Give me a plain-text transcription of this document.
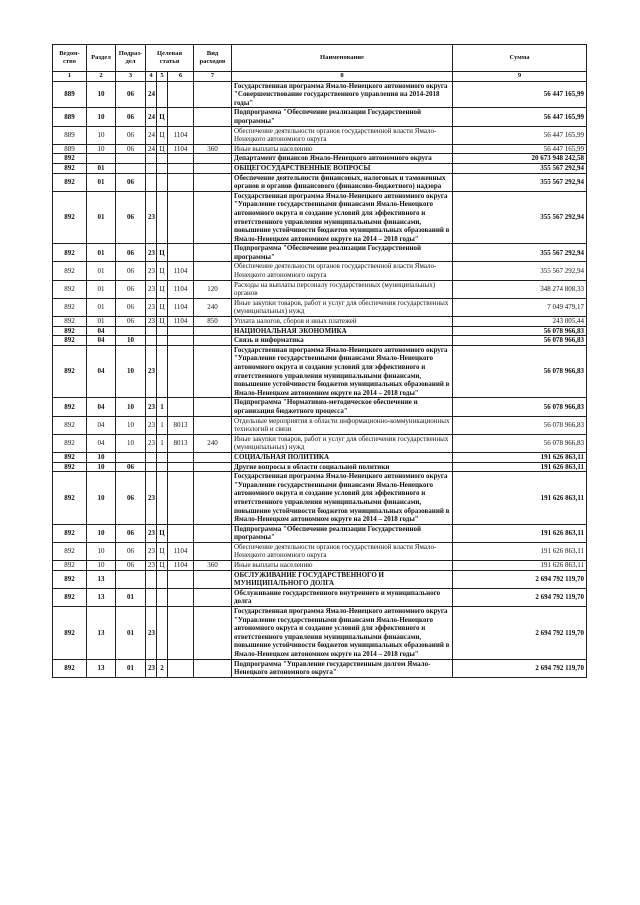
Ведом-ство	Раздел	Подраз-дел	Целевая статья			Вид расходов	Наименование	Сумма
1	2	3	4	5	6	7	8	9
889	10	06	24				Государственная программа Ямало-Ненецкого автономного округа "Совершенствование государственного управления на 2014-2018 годы"	56 447 165,99
889	10	06	24	Ц			Подпрограмма "Обеспечение реализации Государственной программы"	56 447 165,99
889	10	06	24	Ц	1104		Обеспечение деятельности органов государственной власти Ямало-Ненецкого автономного округа	56 447 165,99
889	10	06	24	Ц	1104	360	Иные выплаты населению	56 447 165,99
892							Департамент финансов Ямало-Ненецкого автономного округа	20 673 948 242,58
892	01						ОБЩЕГОСУДАРСТВЕННЫЕ ВОПРОСЫ	355 567 292,94
892	01	06					Обеспечение деятельности финансовых, налоговых и таможенных органов и органов финансового (финансово-бюджетного) надзора	355 567 292,94
892	01	06	23				Государственная программа Ямало-Ненецкого автономного округа "Управление государственными финансами Ямало-Ненецкого автономного округа и создание условий для эффективного и ответственного управления муниципальными финансами, повышение устойчивости бюджетов муниципальных образований в Ямало-Ненецком автономном округе на 2014 – 2018 годы"	355 567 292,94
892	01	06	23	Ц			Подпрограмма "Обеспечение реализации Государственной программы"	355 567 292,94
892	01	06	23	Ц	1104		Обеспечение деятельности органов государственной власти Ямало-Ненецкого автономного округа	355 567 292,94
892	01	06	23	Ц	1104	120	Расходы на выплаты персоналу государственных (муниципальных) органов	348 274 808,33
892	01	06	23	Ц	1104	240	Иные закупки товаров, работ и услуг для обеспечения государственных (муниципальных) нужд	7 049 479,17
892	01	06	23	Ц	1104	850	Уплата налогов, сборов и иных платежей	243 005,44
892	04						НАЦИОНАЛЬНАЯ ЭКОНОМИКА	56 078 966,83
892	04	10					Связь и информатика	56 078 966,83
892	04	10	23				Государственная программа Ямало-Ненецкого автономного округа "Управление государственными финансами Ямало-Ненецкого автономного округа и создание условий для эффективного и ответственного управления муниципальными финансами, повышение устойчивости бюджетов муниципальных образований в Ямало-Ненецком автономном округе на 2014 – 2018 годы"	56 078 966,83
892	04	10	23	1			Подпрограмма "Нормативно-методическое обеспечение и организация бюджетного процесса"	56 078 966,83
892	04	10	23	1	8013		Отдельные мероприятия в области информационно-коммуникационных технологий и связи	56 078 966,83
892	04	10	23	1	8013	240	Иные закупки товаров, работ и услуг для обеспечения государственных (муниципальных) нужд	56 078 966,83
892	10						СОЦИАЛЬНАЯ ПОЛИТИКА	191 626 863,11
892	10	06					Другие вопросы в области социальной политики	191 626 863,11
892	10	06	23				Государственная программа Ямало-Ненецкого автономного округа "Управление государственными финансами Ямало-Ненецкого автономного округа и создание условий для эффективного и ответственного управления муниципальными финансами, повышение устойчивости бюджетов муниципальных образований в Ямало-Ненецком автономном округе на 2014 – 2018 годы"	191 626 863,11
892	10	06	23	Ц			Подпрограмма "Обеспечение реализации Государственной программы"	191 626 863,11
892	10	06	23	Ц	1104		Обеспечение деятельности органов государственной власти Ямало-Ненецкого автономного округа	191 626 863,11
892	10	06	23	Ц	1104	360	Иные выплаты населению	191 626 863,11
892	13						ОБСЛУЖИВАНИЕ ГОСУДАРСТВЕННОГО И МУНИЦИПАЛЬНОГО ДОЛГА	2 694 792 119,70
892	13	01					Обслуживание государственного внутреннего и муниципального долга	2 694 792 119,70
892	13	01	23				Государственная программа Ямало-Ненецкого автономного округа "Управление государственными финансами Ямало-Ненецкого автономного округа и создание условий для эффективного и ответственного управления муниципальными финансами, повышение устойчивости бюджетов муниципальных образований в Ямало-Ненецком автономном округе на 2014 – 2018 годы"	2 694 792 119,70
892	13	01	23	2			Подпрограмма "Управление государственным долгом Ямало-Ненецкого автономного округа"	2 694 792 119,70
